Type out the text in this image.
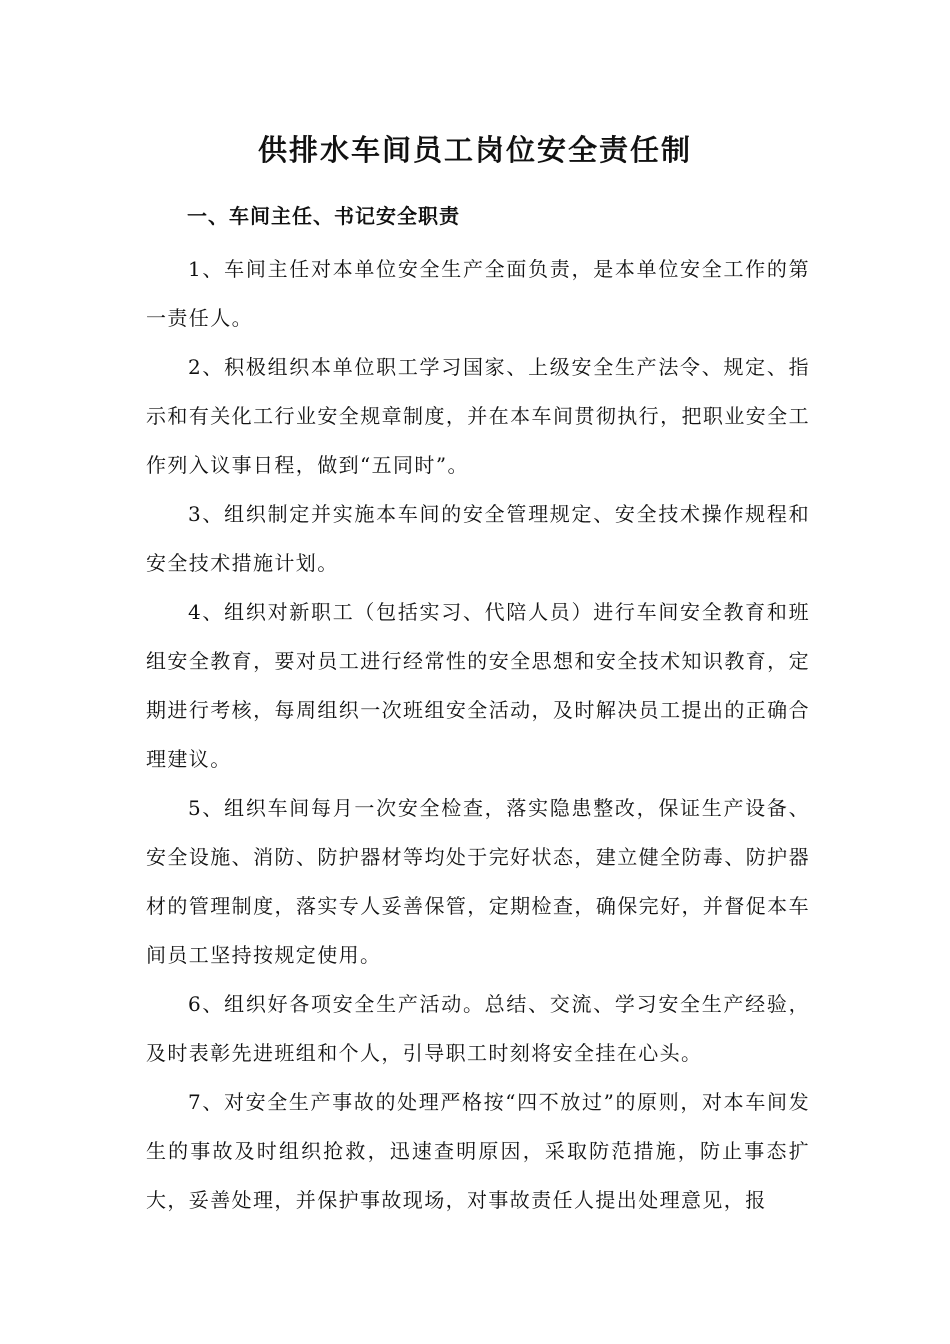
供排水车间员工岗位安全责任制
一、车间主任、书记安全职责

1、车间主任对本单位安全生产全面负责，是本单位安全工作的第一责任人。

2、积极组织本单位职工学习国家、上级安全生产法令、规定、指示和有关化工行业安全规章制度，并在本车间贯彻执行，把职业安全工作列入议事日程，做到“五同时”。

3、组织制定并实施本车间的安全管理规定、安全技术操作规程和安全技术措施计划。

4、组织对新职工（包括实习、代陪人员）进行车间安全教育和班组安全教育，要对员工进行经常性的安全思想和安全技术知识教育，定期进行考核，每周组织一次班组安全活动，及时解决员工提出的正确合理建议。

5、组织车间每月一次安全检查，落实隐患整改，保证生产设备、安全设施、消防、防护器材等均处于完好状态，建立健全防毒、防护器材的管理制度，落实专人妥善保管，定期检查，确保完好，并督促本车间员工坚持按规定使用。

6、组织好各项安全生产活动。总结、交流、学习安全生产经验，及时表彰先进班组和个人，引导职工时刻将安全挂在心头。

7、对安全生产事故的处理严格按“四不放过”的原则，对本车间发生的事故及时组织抢救，迅速查明原因，采取防范措施，防止事态扩大，妥善处理，并保护事故现场，对事故责任人提出处理意见，报
